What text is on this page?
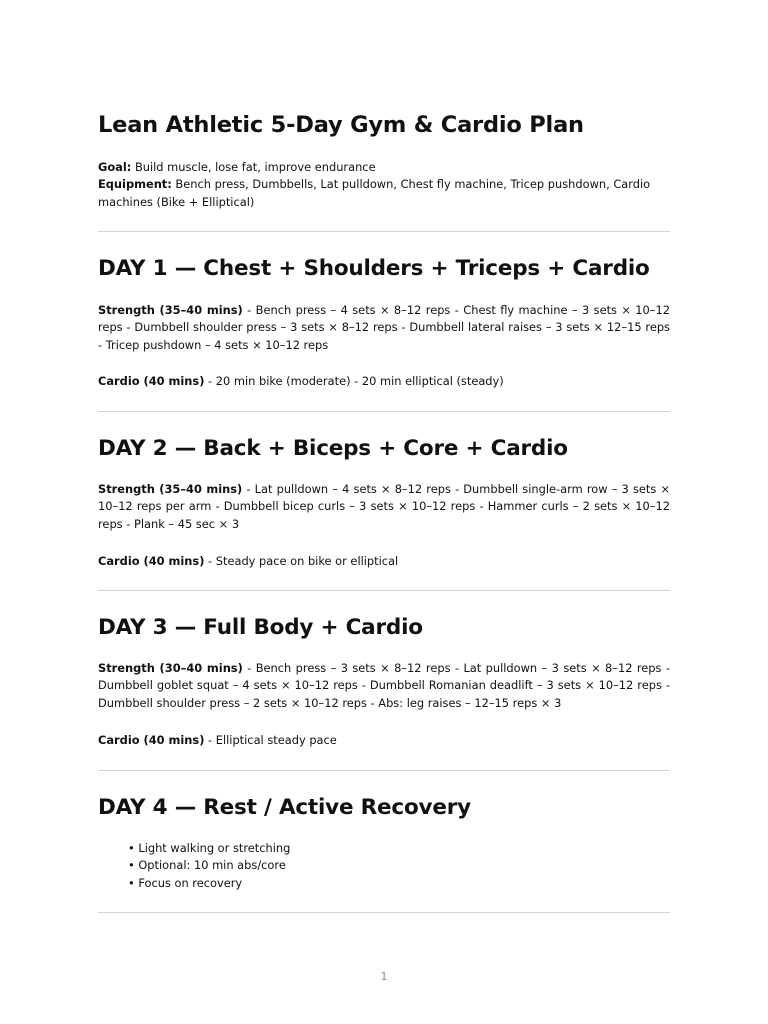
Lean Athletic 5-Day Gym & Cardio Plan

Goal: Build muscle, lose fat, improve endurance

Equipment: Bench press, Dumbbells, Lat pulldown, Chest fly machine, Tricep pushdown, Cardio machines (Bike + Elliptical)

DAY 1 — Chest + Shoulders + Triceps + Cardio

Strength (35–40 mins) - Bench press – 4 sets × 8–12 reps - Chest fly machine – 3 sets × 10–12 reps - Dumbbell shoulder press – 3 sets × 8–12 reps - Dumbbell lateral raises – 3 sets × 12–15 reps - Tricep pushdown – 4 sets × 10–12 reps

Cardio (40 mins) - 20 min bike (moderate) - 20 min elliptical (steady)

DAY 2 — Back + Biceps + Core + Cardio

Strength (35–40 mins) - Lat pulldown – 4 sets × 8–12 reps - Dumbbell single-arm row – 3 sets × 10–12 reps per arm - Dumbbell bicep curls – 3 sets × 10–12 reps - Hammer curls – 2 sets × 10–12 reps - Plank – 45 sec × 3

Cardio (40 mins) - Steady pace on bike or elliptical

DAY 3 — Full Body + Cardio

Strength (30–40 mins) - Bench press – 3 sets × 8–12 reps - Lat pulldown – 3 sets × 8–12 reps - Dumbbell goblet squat – 4 sets × 10–12 reps - Dumbbell Romanian deadlift – 3 sets × 10–12 reps - Dumbbell shoulder press – 2 sets × 10–12 reps - Abs: leg raises – 12–15 reps × 3

Cardio (40 mins) - Elliptical steady pace

DAY 4 — Rest / Active Recovery
• Light walking or stretching
• Optional: 10 min abs/core
• Focus on recovery
1
